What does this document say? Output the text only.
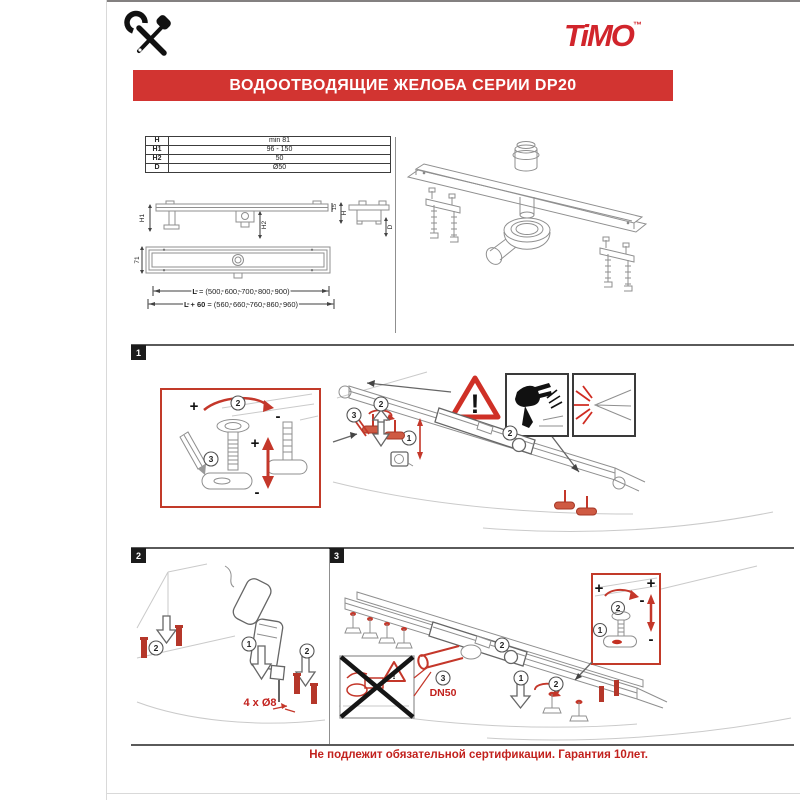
TiMO™
ВОДООТВОДЯЩИЕ ЖЕЛОБА СЕРИИ DP20
H	min 81
H1	96 - 150
H2	50
D	Ø50
H1
H2
15
H
D
71
L = (500, 600, 700, 800, 900)
L + 60 = (560, 660, 760, 860, 960)
1
+
-
2
3
+
-
!
2
1
2
3
2	3
1
2	2
4 x Ø8
2
!	3
DN50
1
2
+
-
2
1
+
-
Не подлежит обязательной сертификации. Гарантия 10лет.
